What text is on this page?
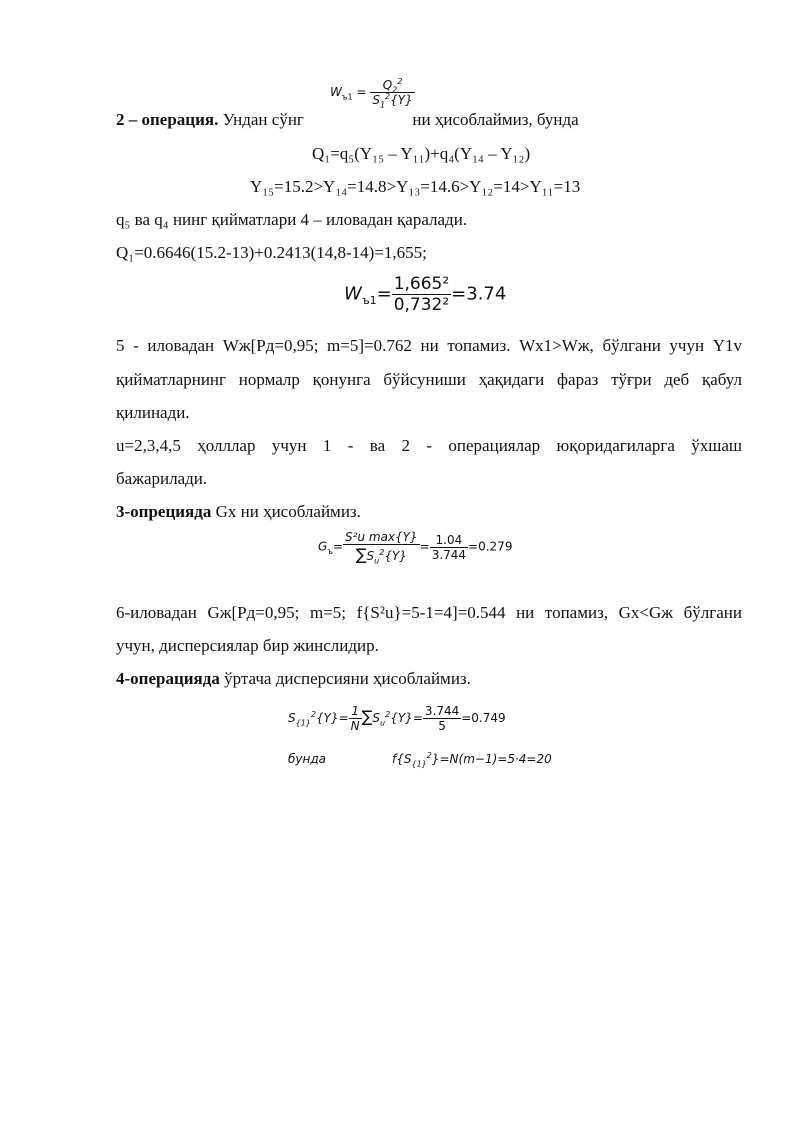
$W_{ъ1} = \frac{Q_2^2}{S_1^2\{Y\}}$
2 – операция. Ундан сўнг	ни ҳисоблаймиз, бунда
Q₁=q₅(Y₁₅ – Y₁₁)+q₄(Y₁₄ – Y₁₂)
Y₁₅=15.2>Y₁₄=14.8>Y₁₃=14.6>Y₁₂=14>Y₁₁=13
q₅ ва q₄ нинг қийматлари 4 – иловадан қаралади.
Q₁=0.6646(15.2-13)+0.2413(14,8-14)=1,655;
$W_{ъ1}= \frac{\text{1,665²}}{\text{0,732²}} =3.74$
5 - иловадан Wж[Pд=0,95; m=5]=0.762 ни топамиз. Wх1>Wж, бўлгани учун Y1v
қийматларнинг нормалр қонунга бўйсуниши ҳақидаги фараз тўғри деб қабул
қилинади.
u=2,3,4,5 ҳолллар учун 1 - ва 2 - операциялар юқоридагиларга ўхшаш
бажарилади.
3-опрецияда Gх ни ҳисоблаймиз.
$G_ъ= \frac{\text{S²u max\{Y\}}}{\sum S_u^2\{Y\}} = \frac{1.04}{3.744} =0.279$
6-иловадан Gж[Pд=0,95; m=5; f{S²u}=5-1=4]=0.544 ни топамиз, Gх<Gж бўлгани
учун, дисперсиялар бир жинслидир.
4-операцияда ўртача дисперсияни ҳисоблаймиз.
$S_{\{1\}}^2\{Y\}= \frac{1}{N} \sum S_u^2\{Y\}= \frac{3.744}{5} =0.749$
бунда	$f\{S_{\{1\}}^2\}=N(m-1)=5\cdot 4=20$
